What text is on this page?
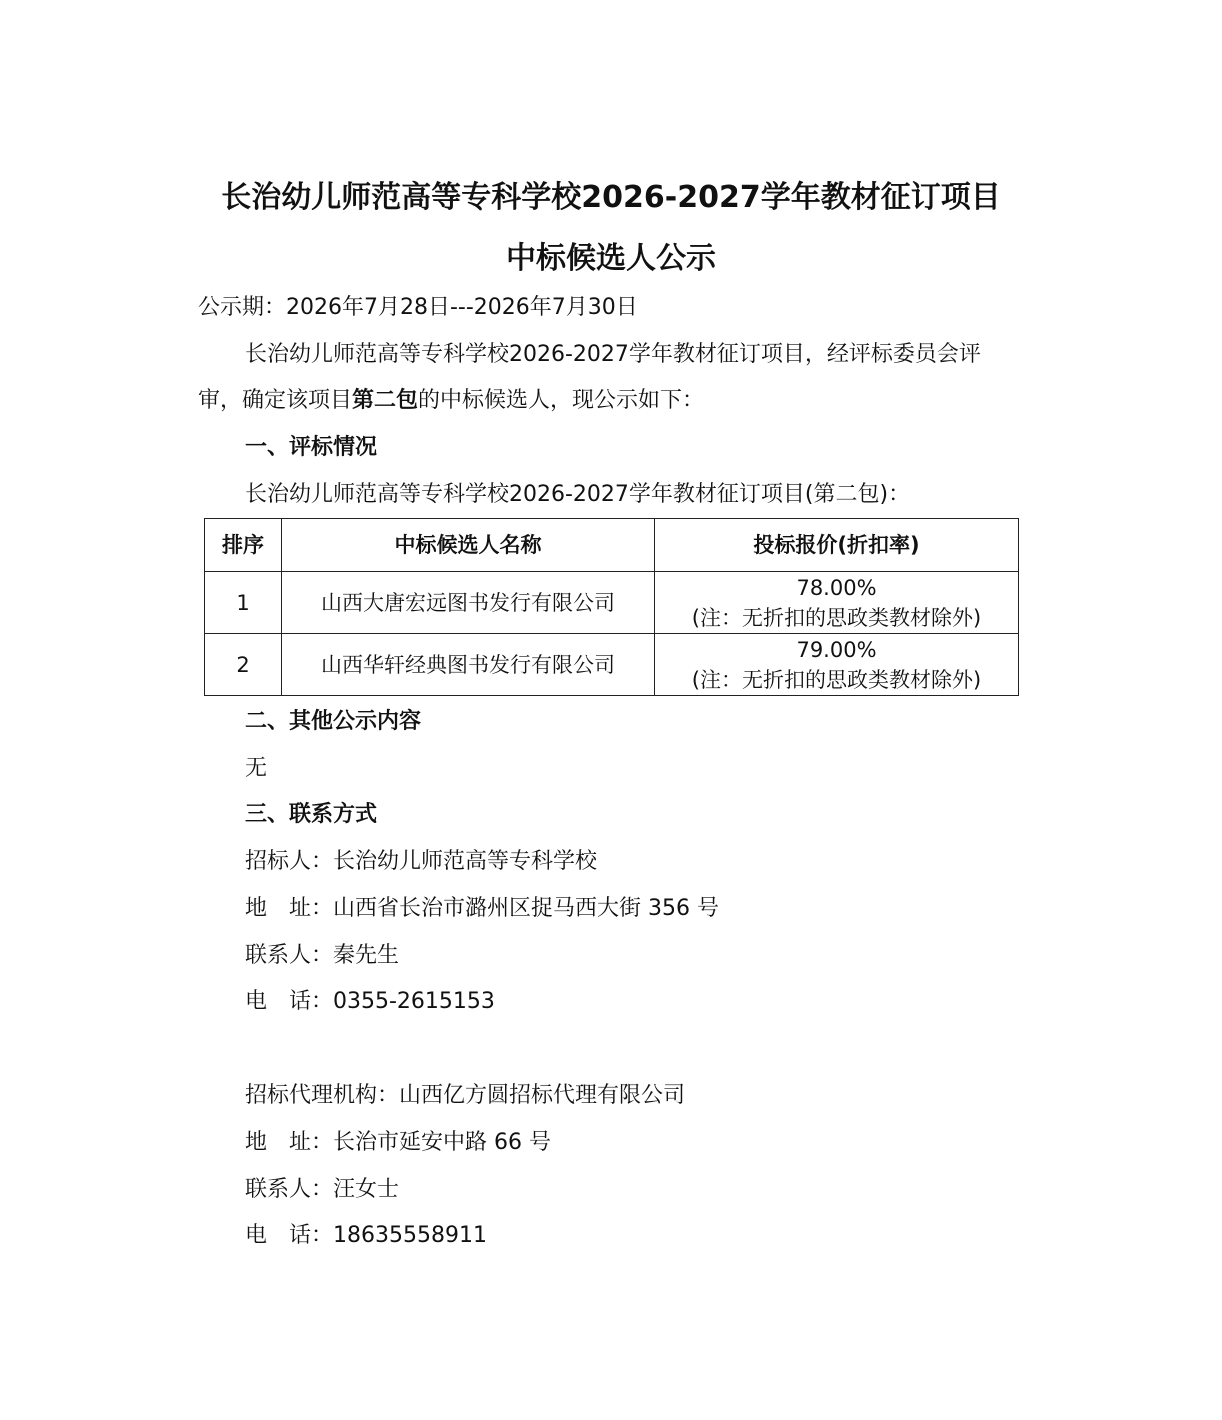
长治幼儿师范高等专科学校2026-2027学年教材征订项目
中标候选人公示
公示期：2026年7月28日---2026年7月30日
长治幼儿师范高等专科学校2026-2027学年教材征订项目，经评标委员会评
审，确定该项目第二包的中标候选人，现公示如下：
一、评标情况
长治幼儿师范高等专科学校2026-2027学年教材征订项目(第二包)：
排序	中标候选人名称	投标报价(折扣率)
1	山西大唐宏远图书发行有限公司	78.00%
(注：无折扣的思政类教材除外)

2	山西华轩经典图书发行有限公司	79.00%
(注：无折扣的思政类教材除外)
二、其他公示内容
无
三、联系方式
招标人：长治幼儿师范高等专科学校
地　址：山西省长治市潞州区捉马西大街 356 号
联系人：秦先生
电　话：0355-2615153
招标代理机构：山西亿方圆招标代理有限公司
地　址：长治市延安中路 66 号
联系人：汪女士
电　话：18635558911
